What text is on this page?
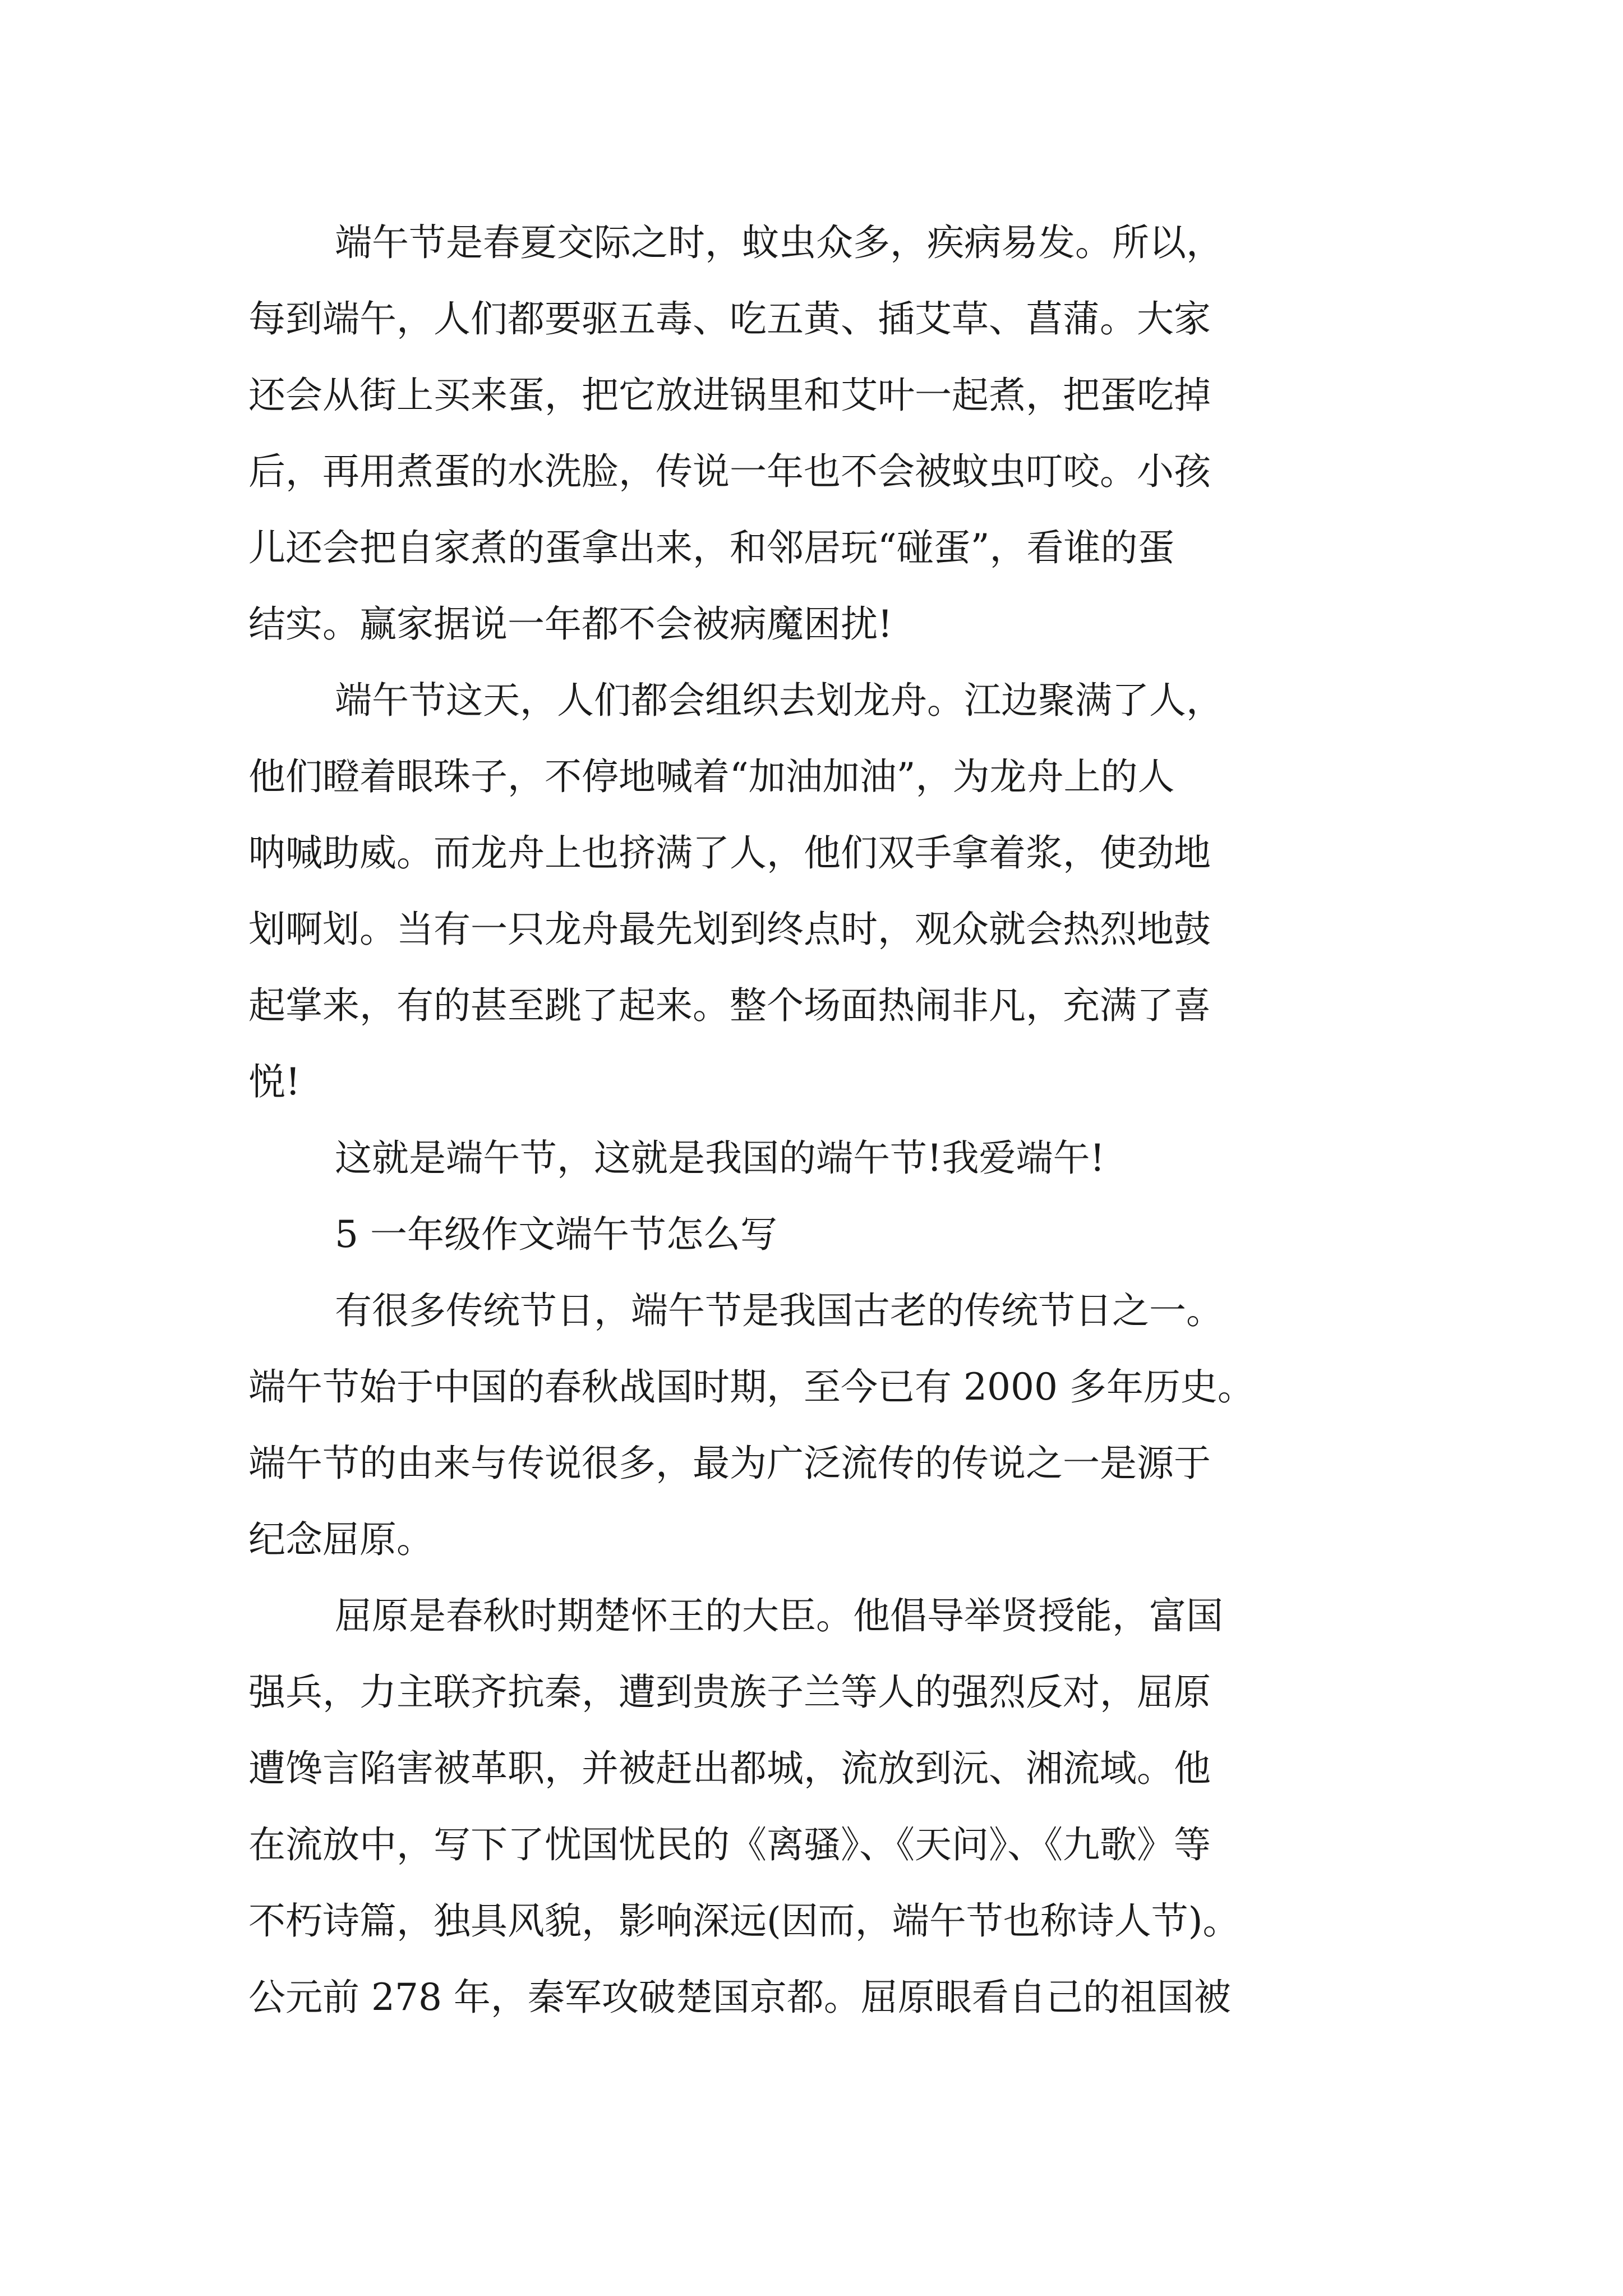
端午节是春夏交际之时，蚊虫众多，疾病易发。所以，
每到端午，人们都要驱五毒、吃五黄、插艾草、菖蒲。大家
还会从街上买来蛋，把它放进锅里和艾叶一起煮，把蛋吃掉
后，再用煮蛋的水洗脸，传说一年也不会被蚊虫叮咬。小孩
儿还会把自家煮的蛋拿出来，和邻居玩“碰蛋”，看谁的蛋
结实。赢家据说一年都不会被病魔困扰!
端午节这天，人们都会组织去划龙舟。江边聚满了人，
他们瞪着眼珠子，不停地喊着“加油加油”，为龙舟上的人
呐喊助威。而龙舟上也挤满了人，他们双手拿着浆，使劲地
划啊划。当有一只龙舟最先划到终点时，观众就会热烈地鼓
起掌来，有的甚至跳了起来。整个场面热闹非凡，充满了喜
悦!
这就是端午节，这就是我国的端午节!我爱端午!
5 一年级作文端午节怎么写
有很多传统节日，端午节是我国古老的传统节日之一。
端午节始于中国的春秋战国时期，至今已有 2000 多年历史。
端午节的由来与传说很多，最为广泛流传的传说之一是源于
纪念屈原。
屈原是春秋时期楚怀王的大臣。他倡导举贤授能，富国
强兵，力主联齐抗秦，遭到贵族子兰等人的强烈反对，屈原
遭馋言陷害被革职，并被赶出都城，流放到沅、湘流域。他
在流放中，写下了忧国忧民的《离骚》、《天问》、《九歌》等
不朽诗篇，独具风貌，影响深远(因而，端午节也称诗人节)。
公元前 278 年，秦军攻破楚国京都。屈原眼看自己的祖国被
